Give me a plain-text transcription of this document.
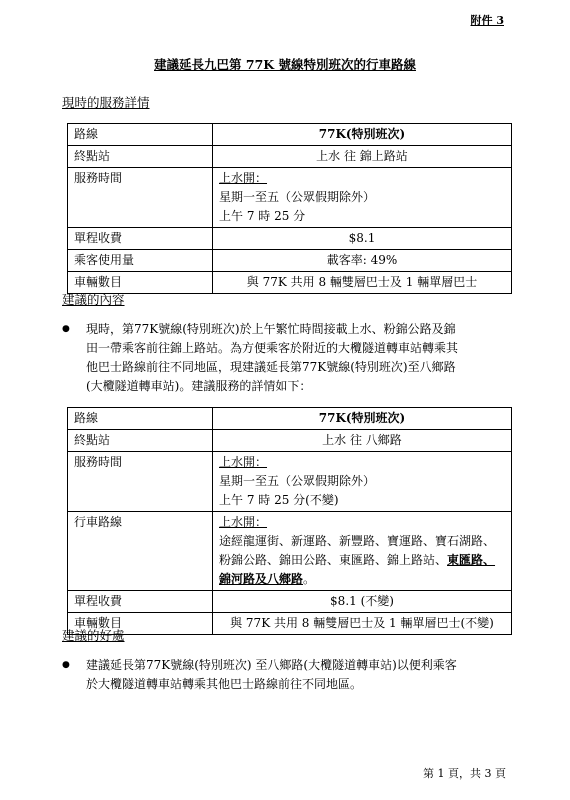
附件 3
建議延長九巴第 77K 號線特別班次的行車路線
現時的服務詳情
路線	77K(特別班次)
終點站	上水 往 錦上路站
服務時間	上水開：
星期一至五（公眾假期除外）
上午 7 時 25 分

單程收費	$8.1
乘客使用量	載客率: 49%
車輛數目	與 77K 共用 8 輛雙層巴士及 1 輛單層巴士
建議的內容
● 現時，第77K號線(特別班次)於上午繁忙時間接載上水、粉錦公路及錦
田一帶乘客前往錦上路站。為方便乘客於附近的大欖隧道轉車站轉乘其
他巴士路線前往不同地區，現建議延長第77K號線(特別班次)至八鄉路
(大欖隧道轉車站)。建議服務的詳情如下：
路線	77K(特別班次)
終點站	上水 往 八鄉路
服務時間	上水開：
星期一至五（公眾假期除外）
上午 7 時 25 分(不變)

行車路線	上水開：
途經龍運街、新運路、新豐路、寶運路、寶石湖路、
粉錦公路、錦田公路、東匯路、錦上路站、東匯路、
錦河路及八鄉路。

單程收費	$8.1 (不變)
車輛數目	與 77K 共用 8 輛雙層巴士及 1 輛單層巴士(不變)
建議的好處
● 建議延長第77K號線(特別班次) 至八鄉路(大欖隧道轉車站)以便利乘客
於大欖隧道轉車站轉乘其他巴士路線前往不同地區。
第 1 頁，共 3 頁
